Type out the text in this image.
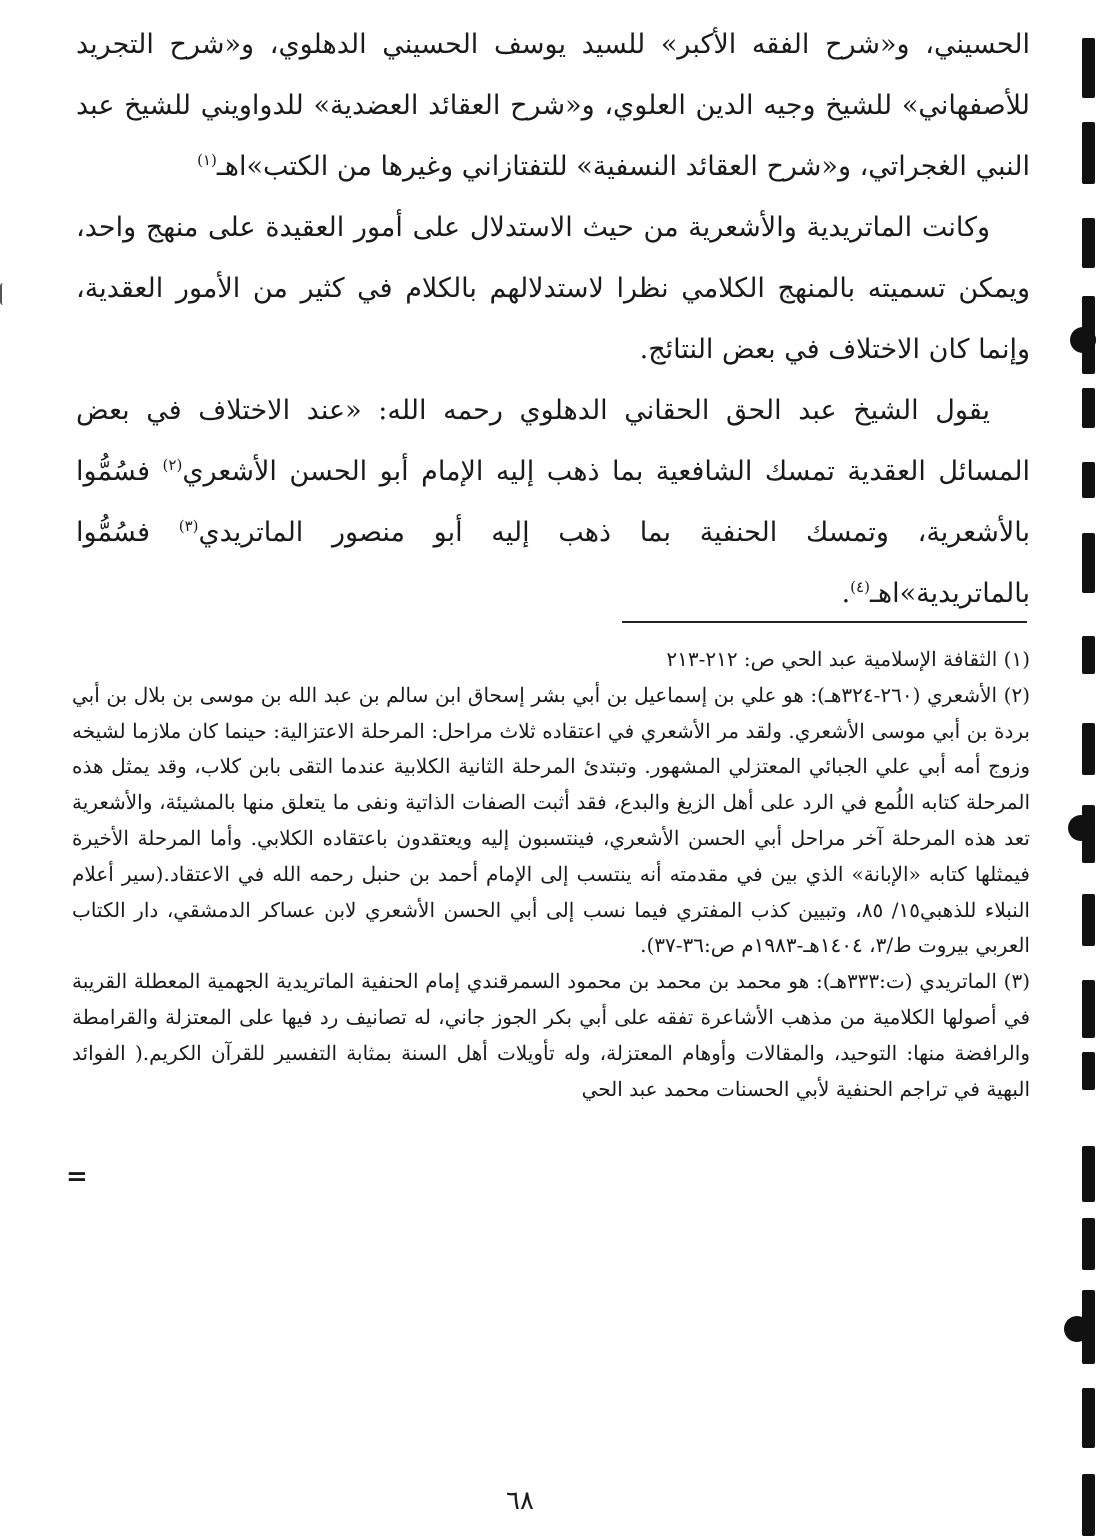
الحسيني، و«شرح الفقه الأكبر» للسيد يوسف الحسيني الدهلوي، و«شرح التجريد للأصفهاني» للشيخ وجيه الدين العلوي، و«شرح العقائد العضدية» للدواويني للشيخ عبد النبي الغجراتي، و«شرح العقائد النسفية» للتفتازاني وغيرها من الكتب»اهـ$^{(١)}$

وكانت الماتريدية والأشعرية من حيث الاستدلال على أمور العقيدة على منهج واحد، ويمكن تسميته بالمنهج الكلامي نظرا لاستدلالهم بالكلام في كثير من الأمور العقدية، وإنما كان الاختلاف في بعض النتائج.

يقول الشيخ عبد الحق الحقاني الدهلوي رحمه الله: «عند الاختلاف في بعض المسائل العقدية تمسك الشافعية بما ذهب إليه الإمام أبو الحسن الأشعري$^{(٢)}$ فسُمُّوا بالأشعرية، وتمسك الحنفية بما ذهب إليه أبو منصور الماتريدي$^{(٣)}$ فسُمُّوا بالماتريدية»اهـ$^{(٤)}$.

(١) الثقافة الإسلامية عبد الحي ص: ٢١٢-٢١٣

(٢) الأشعري (٢٦٠-٣٢٤هـ): هو علي بن إسماعيل بن أبي بشر إسحاق ابن سالم بن عبد الله بن موسى بن بلال بن أبي بردة بن أبي موسى الأشعري. ولقد مر الأشعري في اعتقاده ثلاث مراحل: المرحلة الاعتزالية: حينما كان ملازما لشيخه وزوج أمه أبي علي الجبائي المعتزلي المشهور. وتبتدئ المرحلة الثانية الكلابية عندما التقى بابن كلاب، وقد يمثل هذه المرحلة كتابه اللُمع في الرد على أهل الزيغ والبدع، فقد أثبت الصفات الذاتية ونفى ما يتعلق منها بالمشيئة، والأشعرية تعد هذه المرحلة آخر مراحل أبي الحسن الأشعري، فينتسبون إليه ويعتقدون باعتقاده الكلابي. وأما المرحلة الأخيرة فيمثلها كتابه «الإبانة» الذي بين في مقدمته أنه ينتسب إلى الإمام أحمد بن حنبل رحمه الله في الاعتقاد.(سير أعلام النبلاء للذهبي١٥/ ٨٥، وتبيين كذب المفتري فيما نسب إلى أبي الحسن الأشعري لابن عساكر الدمشقي، دار الكتاب العربي بيروت ط/٣، ١٤٠٤هـ-١٩٨٣م ص:٣٦-٣٧).

(٣) الماتريدي (ت:٣٣٣هـ): هو محمد بن محمد بن محمود السمرقندي إمام الحنفية الماتريدية الجهمية المعطلة القريبة في أصولها الكلامية من مذهب الأشاعرة تفقه على أبي بكر الجوز جاني، له تصانيف رد فيها على المعتزلة والقرامطة والرافضة منها: التوحيد، والمقالات وأوهام المعتزلة، وله تأويلات أهل السنة بمثابة التفسير للقرآن الكريم.( الفوائد البهية في تراجم الحنفية لأبي الحسنات محمد عبد الحي

=
٦٨
